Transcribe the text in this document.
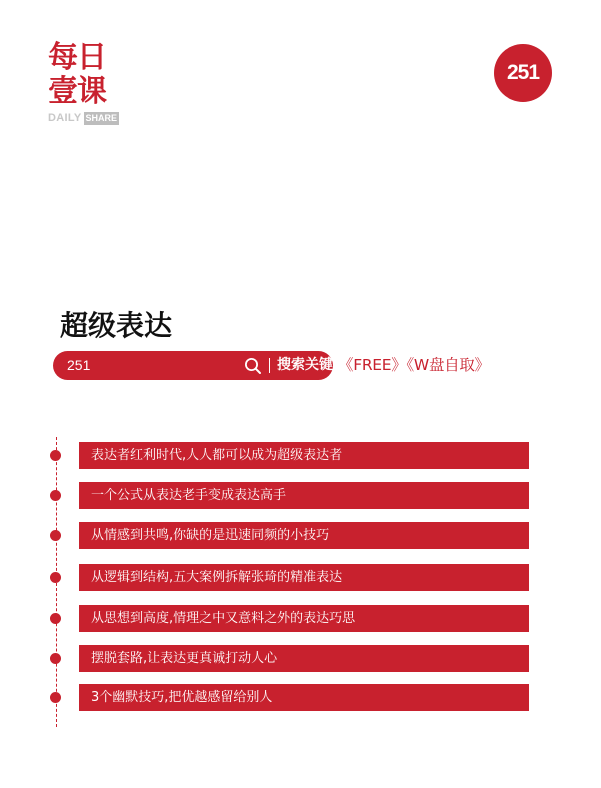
每日
壹课
DAILY SHARE
251
超级表达
251	搜索关键词
《FREE》《W盘自取》
表达者红利时代,人人都可以成为超级表达者
一个公式从表达老手变成表达高手
从情感到共鸣,你缺的是迅速同频的小技巧
从逻辑到结构,五大案例拆解张琦的精准表达
从思想到高度,情理之中又意料之外的表达巧思
摆脱套路,让表达更真诚打动人心
3个幽默技巧,把优越感留给别人
